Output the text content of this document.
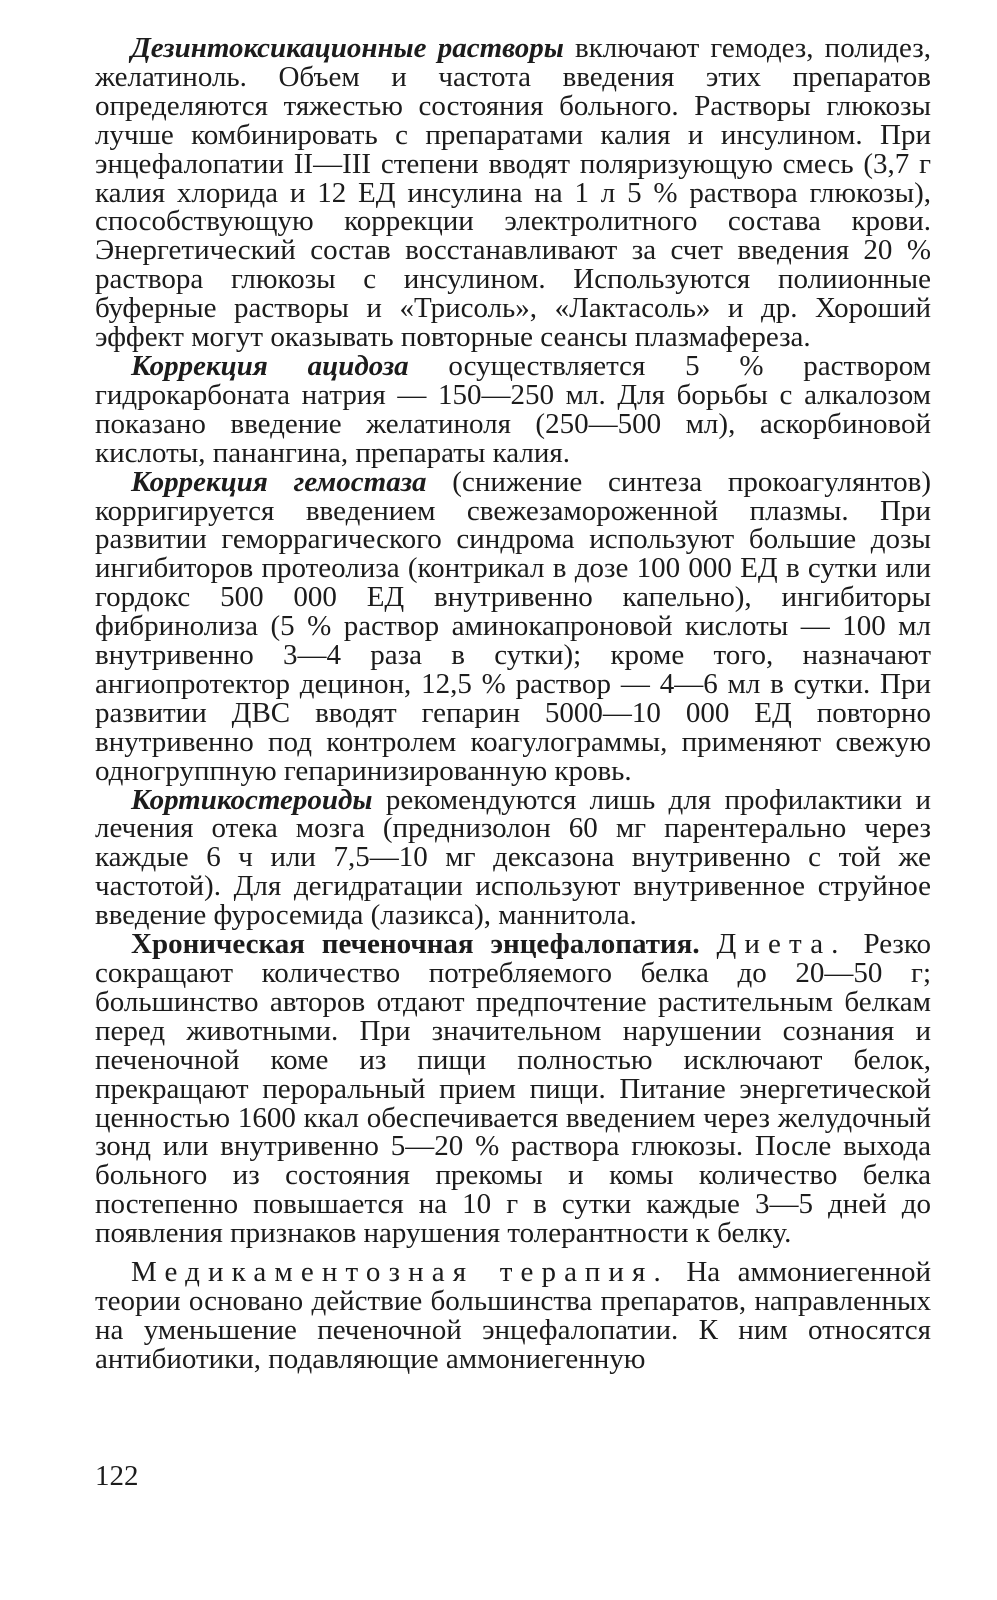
Дезинтоксикационные растворы включают гемодез, полидез, желатиноль. Объем и частота введения этих препаратов определяются тяжестью состояния больного. Растворы глюкозы лучше комбинировать с препаратами калия и инсулином. При энцефалопатии II—III степени вводят поляризующую смесь (3,7 г калия хлорида и 12 ЕД инсулина на 1 л 5 % раствора глюкозы), способствующую коррекции электролитного состава крови. Энергетический состав восстанавливают за счет введения 20 % раствора глюкозы с инсулином. Используются полиионные буферные растворы и «Трисоль», «Лактасоль» и др. Хороший эффект могут оказывать повторные сеансы плазмафереза.

Коррекция ацидоза осуществляется 5 % раствором гидрокарбоната натрия — 150—250 мл. Для борьбы с алкалозом показано введение желатиноля (250—500 мл), аскорбиновой кислоты, панангина, препараты калия.

Коррекция гемостаза (снижение синтеза прокоагулянтов) корригируется введением свежезамороженной плазмы. При развитии геморрагического синдрома используют большие дозы ингибиторов протеолиза (контрикал в дозе 100 000 ЕД в сутки или гордокс 500 000 ЕД внутривенно капельно), ингибиторы фибринолиза (5 % раствор аминокапроновой кислоты — 100 мл внутривенно 3—4 раза в сутки); кроме того, назначают ангиопротектор децинон, 12,5 % раствор — 4—6 мл в сутки. При развитии ДВС вводят гепарин 5000—10 000 ЕД повторно внутривенно под контролем коагулограммы, применяют свежую одногруппную гепаринизированную кровь.

Кортикостероиды рекомендуются лишь для профилактики и лечения отека мозга (преднизолон 60 мг парентерально через каждые 6 ч или 7,5—10 мг дексазона внутривенно с той же частотой). Для дегидратации используют внутривенное струйное введение фуросемида (лазикса), маннитола.

Хроническая печеночная энцефалопатия. Диета. Резко сокращают количество потребляемого белка до 20—50 г; большинство авторов отдают предпочтение растительным белкам перед животными. При значительном нарушении сознания и печеночной коме из пищи полностью исключают белок, прекращают пероральный прием пищи. Питание энергетической ценностью 1600 ккал обеспечивается введением через желудочный зонд или внутривенно 5—20 % раствора глюкозы. После выхода больного из состояния прекомы и комы количество белка постепенно повышается на 10 г в сутки каждые 3—5 дней до появления признаков нарушения толерантности к белку.

Медикаментозная терапия. На аммониегенной теории основано действие большинства препаратов, направленных на уменьшение печеночной энцефалопатии. К ним относятся антибиотики, подавляющие аммониегенную

122
